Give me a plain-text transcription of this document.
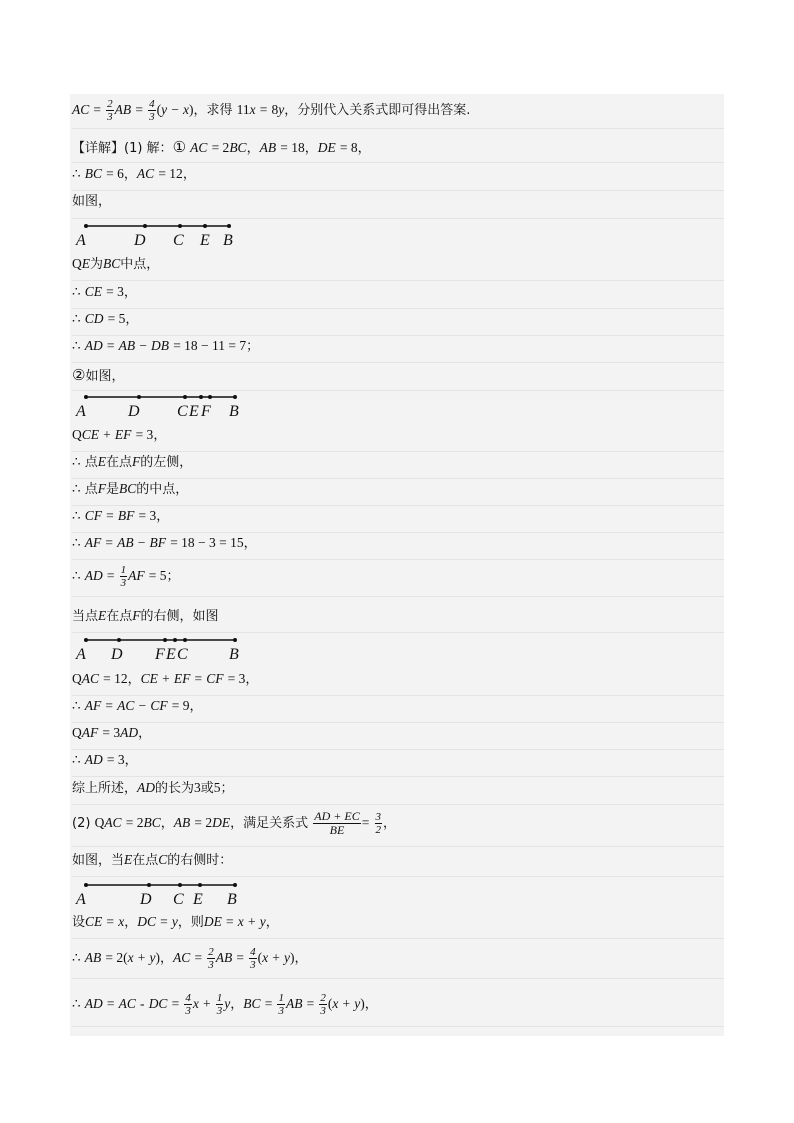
AC = $\frac{2}{3}$ AB = $\frac{4}{3} (y - x)$，求得 11x = 8y，分别代入关系式即可得出答案.
【详解】(1) 解：① AC = 2BC，AB = 18，DE = 8，
∴ BC = 6，AC = 12，
如图，
A	D C E B
QE为BC中点，
∴ CE = 3，
∴ CD = 5，
∴ AD = AB − DB = 18 − 11 = 7；
②如图，
A	D C E F B
QCE + EF = 3，
∴ 点E在点F的左侧，
∴ 点F是BC的中点，
∴ CF = BF = 3，
∴ AF = AB − BF = 18 − 3 = 15，
∴ AD = $\frac{1}{3}$ AF = 5；
当点E在点F的右侧，如图
A D F E C	B
QAC = 12，CE + EF = CF = 3，
∴ AF = AC − CF = 9，
QAF = 3AD，
∴ AD = 3，
综上所述，AD的长为3或5；
(2) QAC = 2BC，AB = 2DE，满足关系式 $\frac{AD + EC}{BE} = \frac{3}{2}$ ，
如图，当E在点C的右侧时：
A	D C E B
设CE = x，DC = y，则DE = x + y，
∴ AB = 2(x + y)，AC = $\frac{2}{3}$ AB = $\frac{4}{3} (x + y)$，
∴ AD = AC - DC = $\frac{4}{3}$ $x + \frac{1}{3}$ y，BC = $\frac{1}{3}$ AB = $\frac{2}{3} (x + y)$，
